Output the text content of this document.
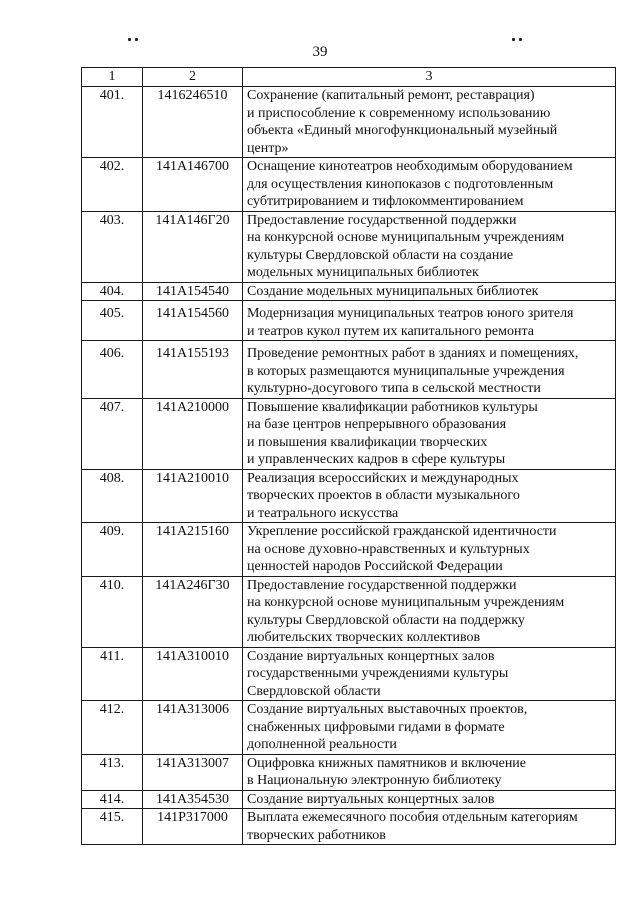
39
1	2	3
401.	1416246510	Сохранение (капитальный ремонт, реставрация)
и приспособление к современному использованию
объекта «Единый многофункциональный музейный
центр»

402.	141А146700	Оснащение кинотеатров необходимым оборудованием
для осуществления кинопоказов с подготовленным
субтитрированием и тифлокомментированием

403.	141А146Г20	Предоставление государственной поддержки
на конкурсной основе муниципальным учреждениям
культуры Свердловской области на создание
модельных муниципальных библиотек

404.	141А154540	Создание модельных муниципальных библиотек

405.	141А154560	Модернизация муниципальных театров юного зрителя
и театров кукол путем их капитального ремонта

406.	141А155193	Проведение ремонтных работ в зданиях и помещениях,
в которых размещаются муниципальные учреждения
культурно-досугового типа в сельской местности

407.	141А210000	Повышение квалификации работников культуры
на базе центров непрерывного образования
и повышения квалификации творческих
и управленческих кадров в сфере культуры

408.	141А210010	Реализация всероссийских и международных
творческих проектов в области музыкального
и театрального искусства

409.	141А215160	Укрепление российской гражданской идентичности
на основе духовно-нравственных и культурных
ценностей народов Российской Федерации

410.	141А246Г30	Предоставление государственной поддержки
на конкурсной основе муниципальным учреждениям
культуры Свердловской области на поддержку
любительских творческих коллективов

411.	141А310010	Создание виртуальных концертных залов
государственными учреждениями культуры
Свердловской области

412.	141А313006	Создание виртуальных выставочных проектов,
снабженных цифровыми гидами в формате
дополненной реальности

413.	141А313007	Оцифровка книжных памятников и включение
в Национальную электронную библиотеку

414.	141А354530	Создание виртуальных концертных залов

415.	141Р317000	Выплата ежемесячного пособия отдельным категориям
творческих работников
